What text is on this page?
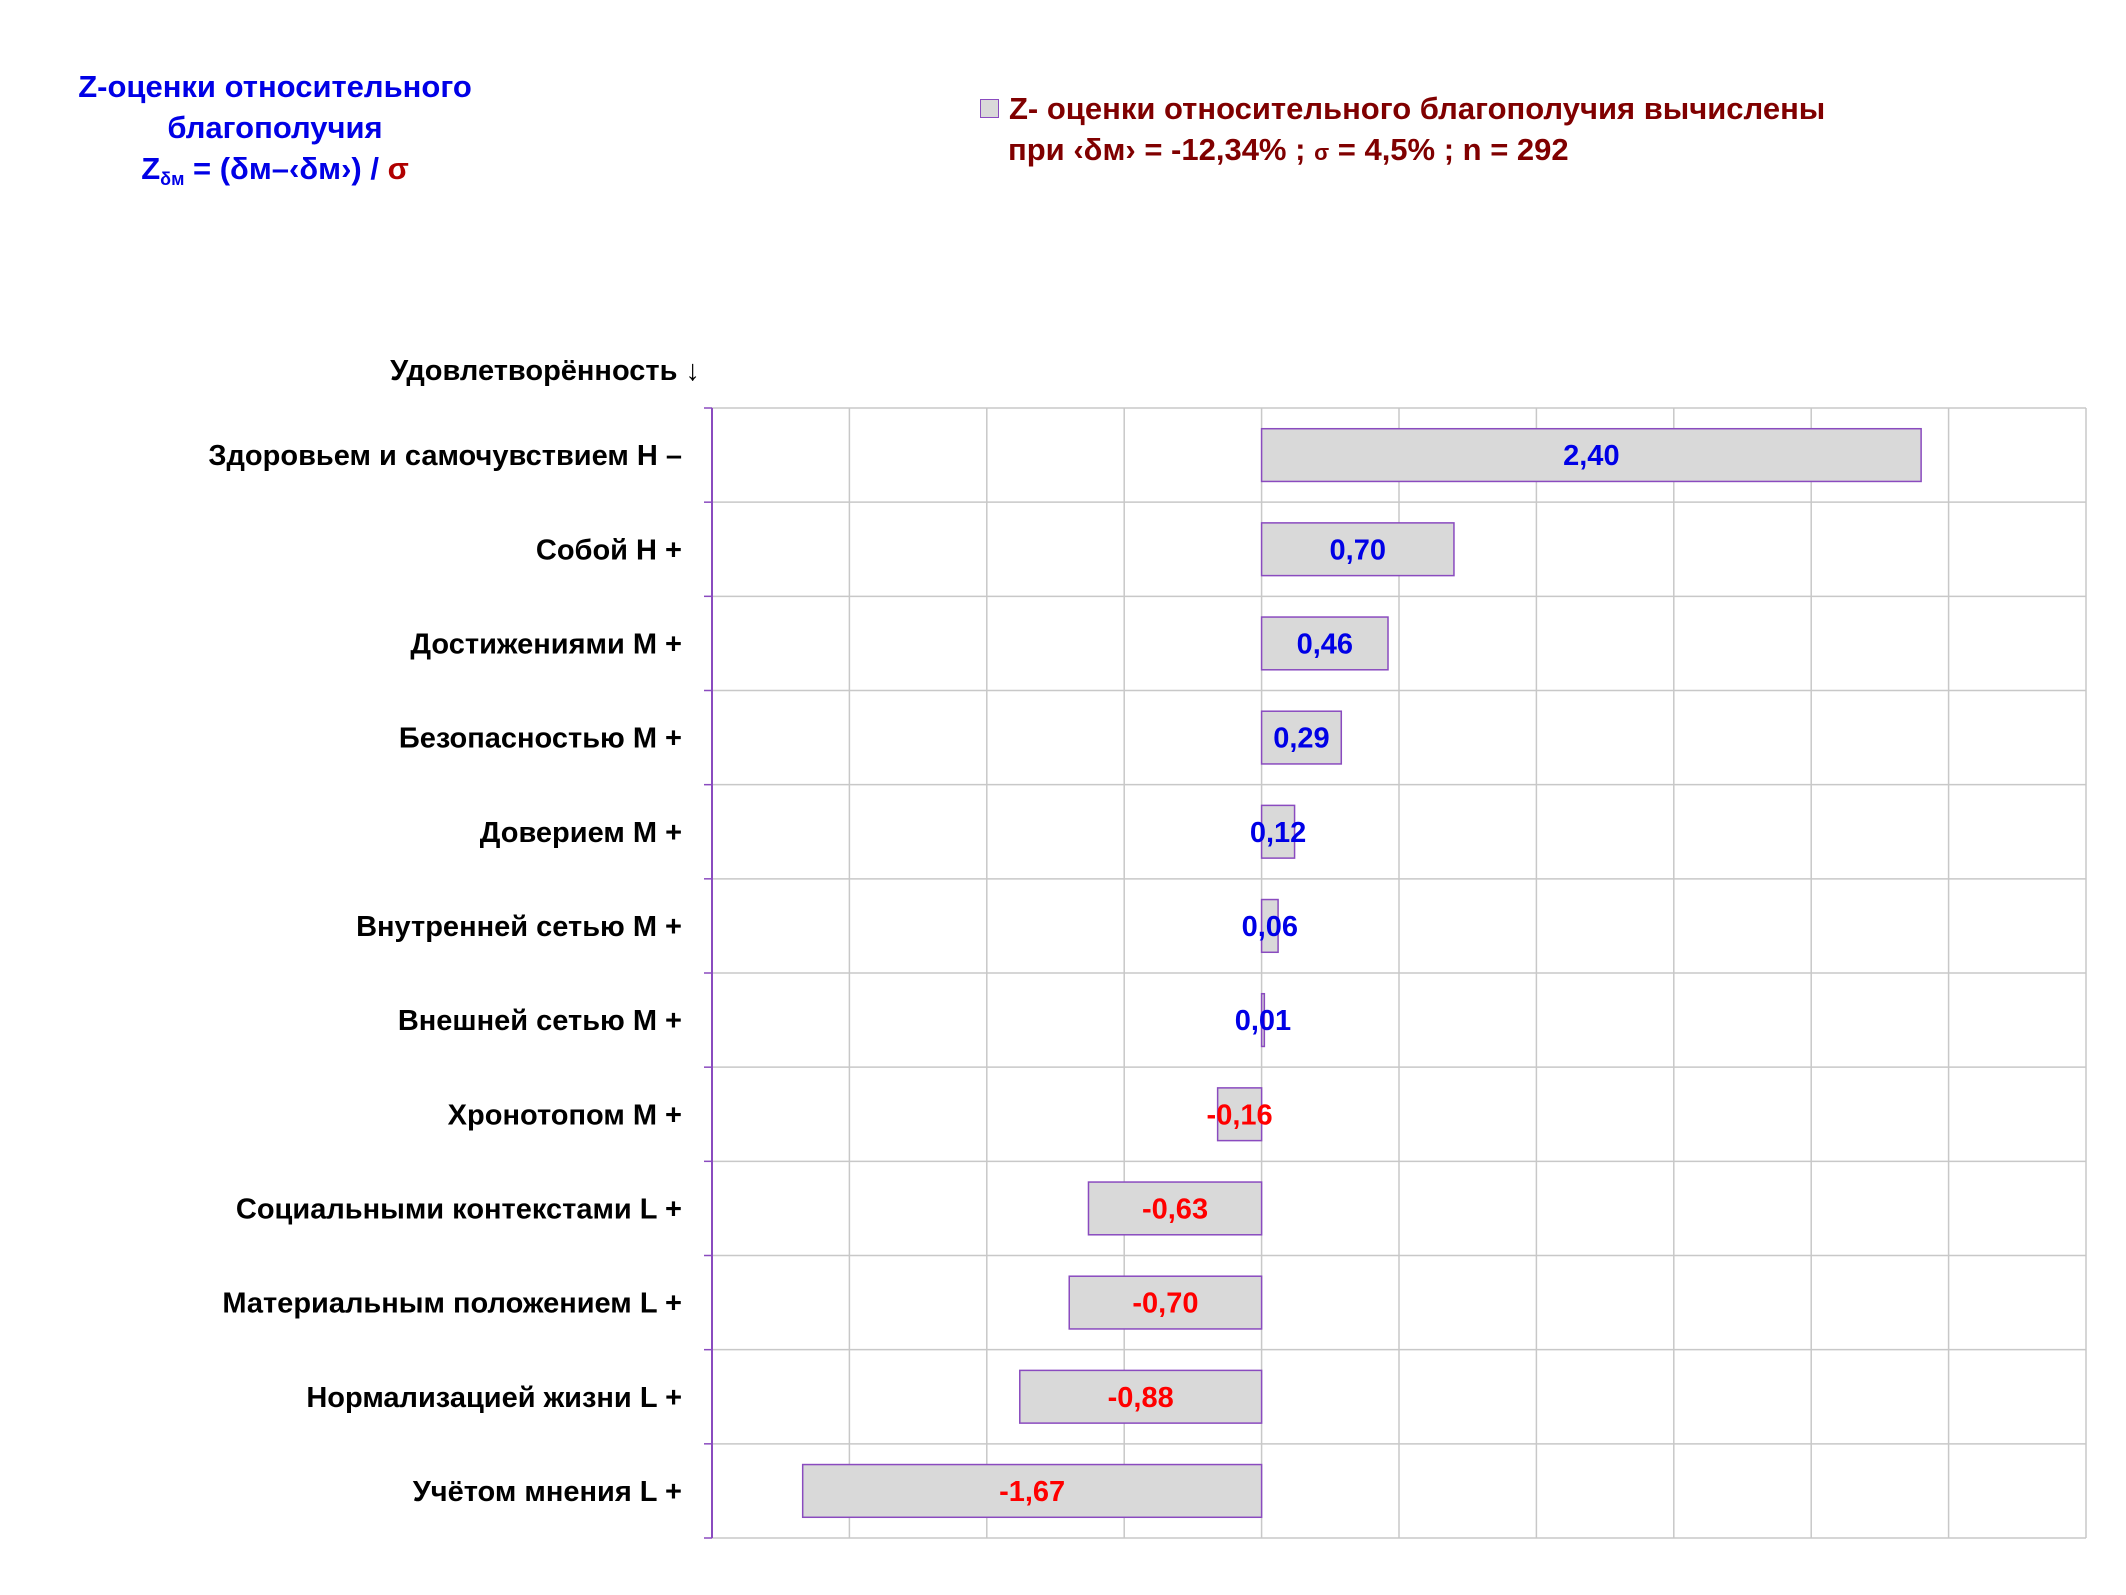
Z-оценки относительного
благополучия
$Z_{\delta м}$ = (δм–‹δм›) / σ
Z- оценки относительного благополучия вычислены
при ‹δм› = -12,34% ; σ = 4,5% ; n = 292
Удовлетворённость ↓
Здоровьем и самочувствием H –
Собой H +
Достижениями M +
Безопасностью M +
Доверием M +
Внутренней сетью M +
Внешней сетью M +
Хронотопом M +
Социальными контекстами L +
Материальным положением L +
Нормализацией жизни L +
Учётом мнения L +
2,40
0,70
0,46
0,29
0,12
0,06
0,01
-0,16
-0,63
-0,70
-0,88
-1,67
